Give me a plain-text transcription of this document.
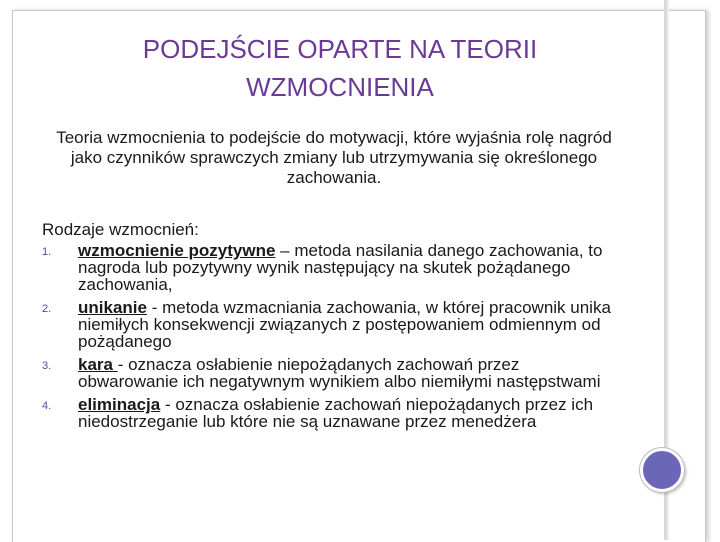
PODEJŚCIE OPARTE NA TEORII
WZMOCNIENIA

Teoria wzmocnienia to podejście do motywacji, które wyjaśnia rolę nagród jako czynników sprawczych zmiany lub utrzymywania się określonego zachowania.

Rodzaje wzmocnień:

1. wzmocnienie pozytywne – metoda nasilania danego zachowania, to nagroda lub pozytywny wynik następujący na skutek pożądanego zachowania,
2. unikanie - metoda wzmacniania zachowania, w której pracownik unika niemiłych konsekwencji związanych z postępowaniem odmiennym od pożądanego
3. kara - oznacza osłabienie niepożądanych zachowań przez obwarowanie ich negatywnym wynikiem albo niemiłymi następstwami
4. eliminacja - oznacza osłabienie zachowań niepożądanych przez ich niedostrzeganie lub które nie są uznawane przez menedżera
